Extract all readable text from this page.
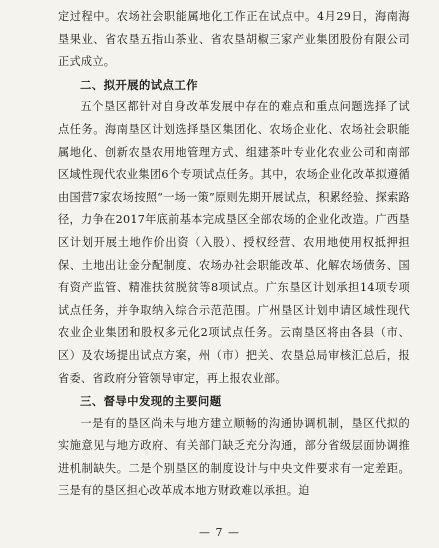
定过程中。农场社会职能属地化工作正在试点中。4月29日，海南海垦果业、省农垦五指山茶业、省农垦胡椒三家产业集团股份有限公司正式成立。

二、拟开展的试点工作

五个垦区都针对自身改革发展中存在的难点和重点问题选择了试点任务。海南垦区计划选择垦区集团化、农场企业化、农场社会职能属地化、创新农垦农用地管理方式、组建茶叶专业化农业公司和南部区域性现代农业集团6个专项试点任务。其中，农场企业化改革拟遵循由国营7家农场按照“一场一策”原则先期开展试点，积累经验、探索路径，力争在2017年底前基本完成垦区全部农场的企业化改造。广西垦区计划开展土地作价出资（入股）、授权经营、农用地使用权抵押担保、土地出让金分配制度、农场办社会职能改革、化解农场债务、国有资产监管、精准扶贫脱贫等8项试点。广东垦区计划承担14项专项试点任务，并争取纳入综合示范范围。广州垦区计划申请区域性现代农业企业集团和股权多元化2项试点任务。云南垦区将由各县（市、区）及农场提出试点方案，州（市）把关、农垦总局审核汇总后，报省委、省政府分管领导审定，再上报农业部。

三、督导中发现的主要问题

一是有的垦区尚未与地方建立顺畅的沟通协调机制，垦区代拟的实施意见与地方政府、有关部门缺乏充分沟通，部分省级层面协调推进机制缺失。二是个别垦区的制度设计与中央文件要求有一定差距。三是有的垦区担心改革成本地方财政难以承担。迫

— 7 —
